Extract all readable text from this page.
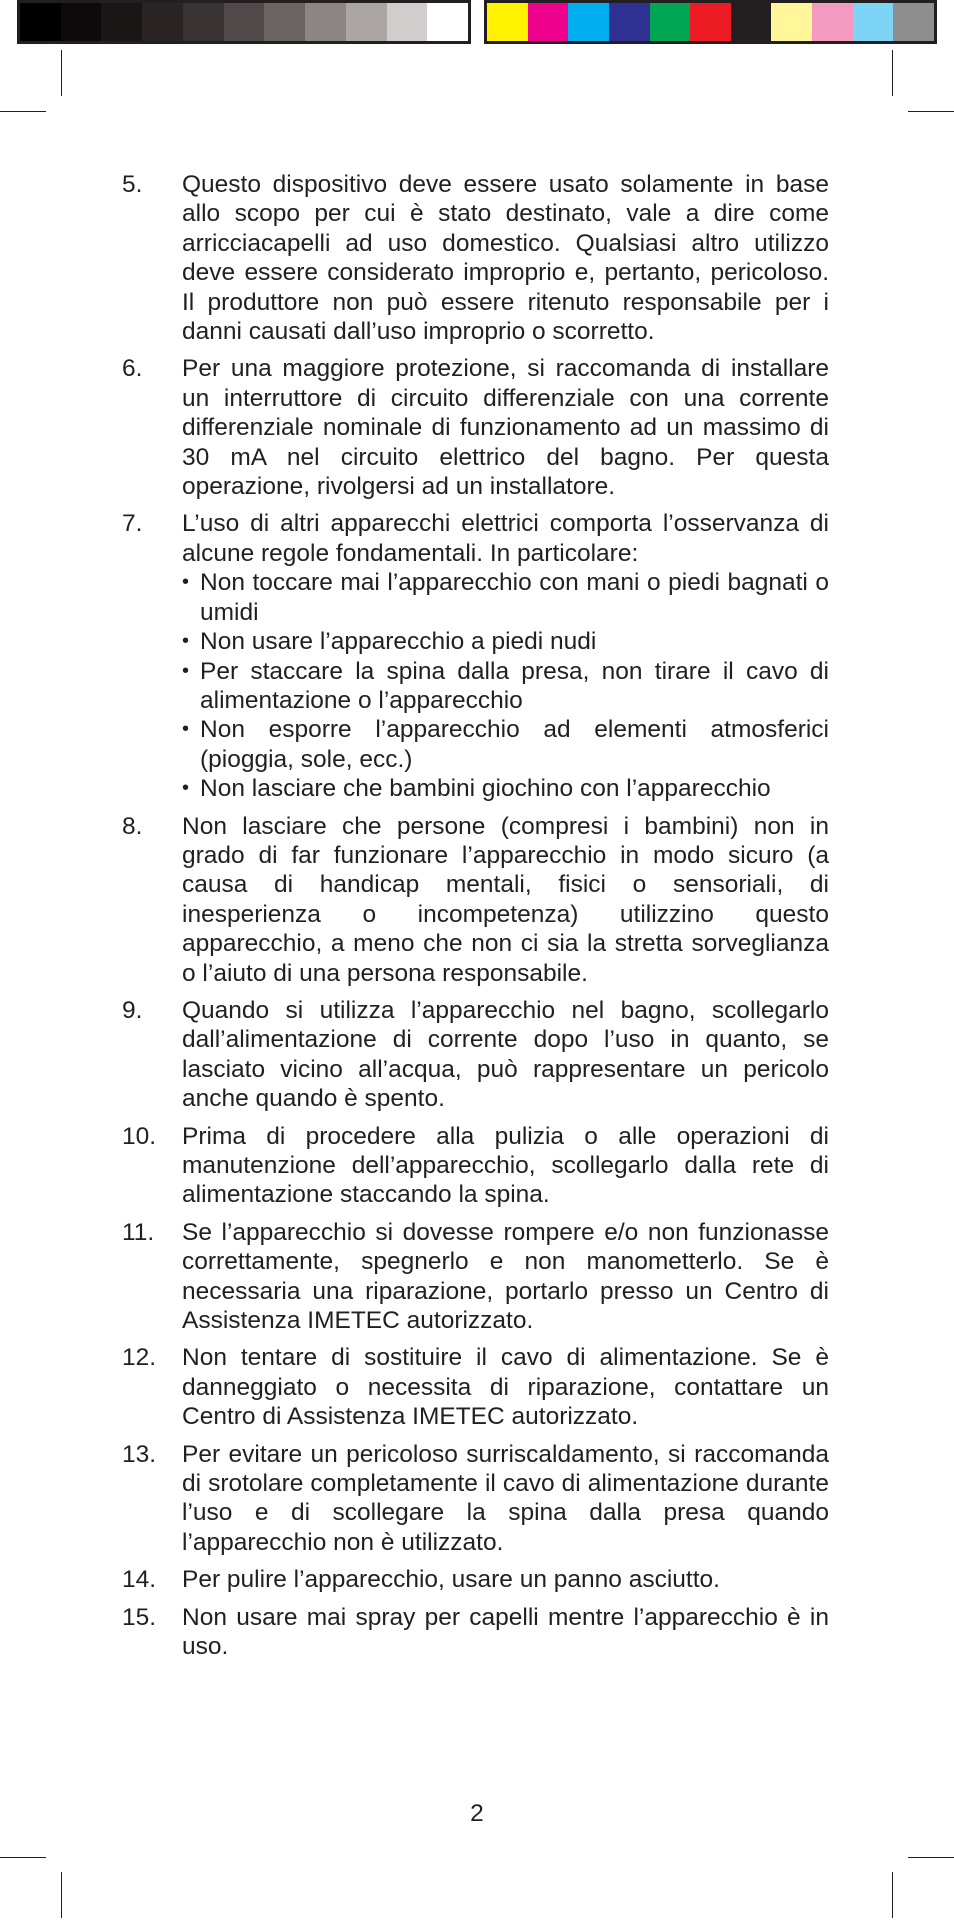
5. Questo dispositivo deve essere usato solamente in base allo scopo per cui è stato destinato, vale a dire come arricciacapelli ad uso domestico. Qualsiasi altro utilizzo deve essere considerato improprio e, pertanto, pericoloso. Il produttore non può essere ritenuto responsabile per i danni causati dall’uso improprio o scorretto.
6. Per una maggiore protezione, si raccomanda di installare un interruttore di circuito differenziale con una corrente differenziale nominale di funzionamento ad un massimo di 30 mA nel circuito elettrico del bagno. Per questa operazione, rivolgersi ad un installatore.
7. L’uso di altri apparecchi elettrici comporta l’osservanza di alcune regole fondamentali. In particolare:
• Non toccare mai l’apparecchio con mani o piedi bagnati o umidi
• Non usare l’apparecchio a piedi nudi
• Per staccare la spina dalla presa, non tirare il cavo di alimentazione o l’apparecchio
• Non esporre l’apparecchio ad elementi atmosferici (pioggia, sole, ecc.)
• Non lasciare che bambini giochino con l’apparecchio
8. Non lasciare che persone (compresi i bambini) non in grado di far funzionare l’apparecchio in modo sicuro (a causa di handicap mentali, fisici o sensoriali, di inesperienza o incompetenza) utilizzino questo apparecchio, a meno che non ci sia la stretta sorveglianza o l’aiuto di una persona responsabile.
9. Quando si utilizza l’apparecchio nel bagno, scollegarlo dall’alimentazione di corrente dopo l’uso in quanto, se lasciato vicino all’acqua, può rappresentare un pericolo anche quando è spento.
10. Prima di procedere alla pulizia o alle operazioni di manutenzione dell’apparecchio, scollegarlo dalla rete di alimentazione staccando la spina.
11. Se l’apparecchio si dovesse rompere e/o non funzionasse correttamente, spegnerlo e non manometterlo. Se è necessaria una riparazione, portarlo presso un Centro di Assistenza IMETEC autorizzato.
12. Non tentare di sostituire il cavo di alimentazione. Se è danneggiato o necessita di riparazione, contattare un Centro di Assistenza IMETEC autorizzato.
13. Per evitare un pericoloso surriscaldamento, si raccomanda di srotolare completamente il cavo di alimentazione durante l’uso e di scollegare la spina dalla presa quando l’apparecchio non è utilizzato.
14. Per pulire l’apparecchio, usare un panno asciutto.
15. Non usare mai spray per capelli mentre l’apparecchio è in uso.
2
